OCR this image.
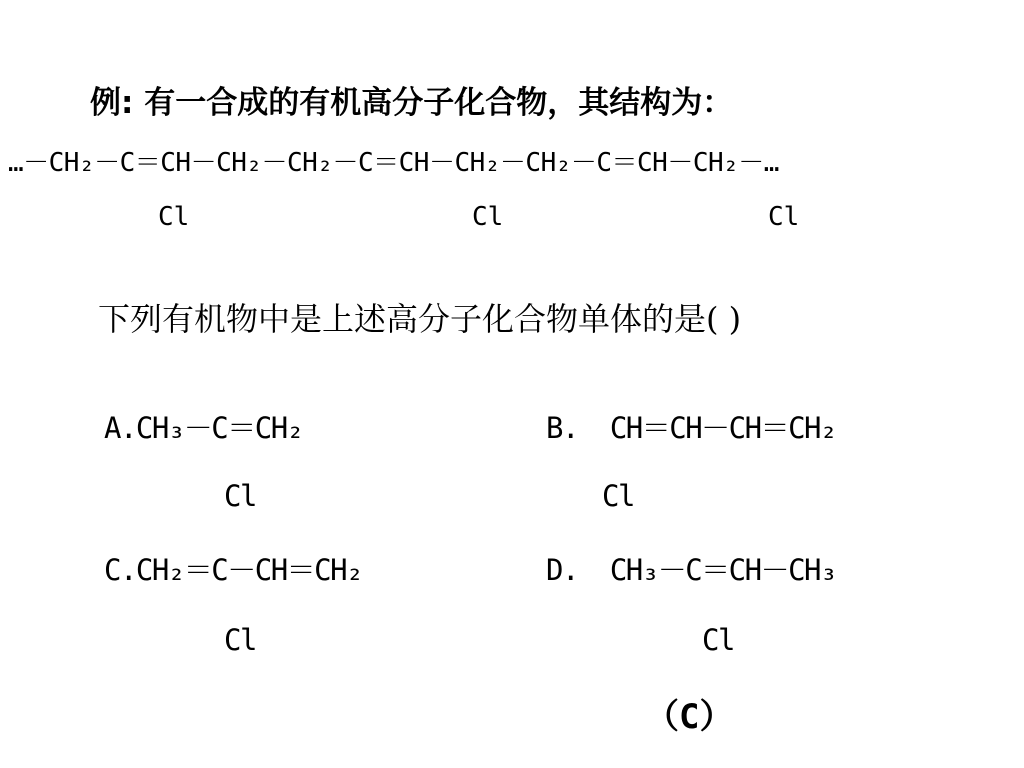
例: 有一合成的有机高分子化合物，其结构为：
…－CH₂－C＝CH－CH₂－CH₂－C＝CH－CH₂－CH₂－C＝CH－CH₂－…
Cl	Cl	Cl
下列有机物中是上述高分子化合物单体的是( )
A.CH₃－C＝CH₂
Cl
B. CH＝CH－CH＝CH₂
Cl
C.CH₂＝C－CH＝CH₂
Cl
D. CH₃－C＝CH－CH₃
Cl
（C）
